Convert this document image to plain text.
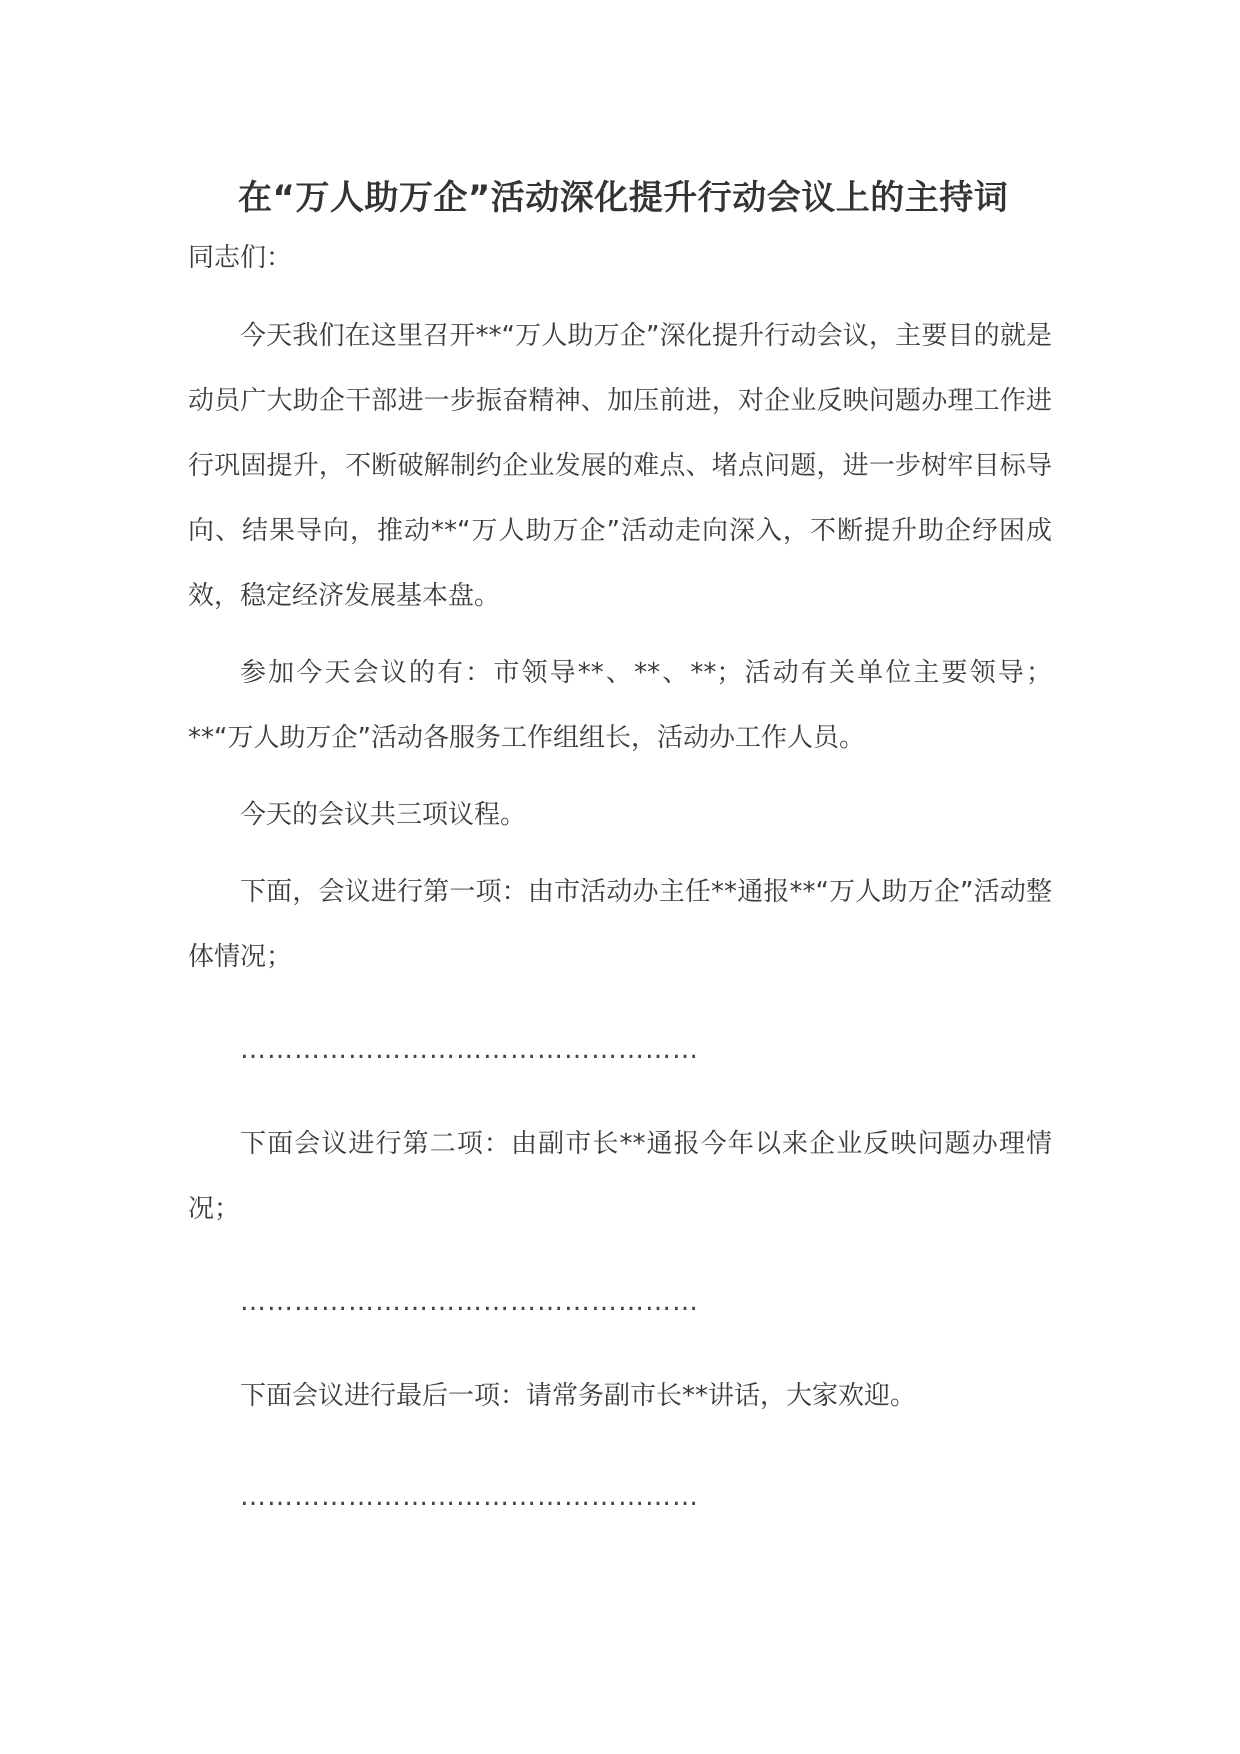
在“万人助万企”活动深化提升行动会议上的主持词

同志们：

今天我们在这里召开**“万人助万企”深化提升行动会议，主要目的就是动员广大助企干部进一步振奋精神、加压前进，对企业反映问题办理工作进行巩固提升，不断破解制约企业发展的难点、堵点问题，进一步树牢目标导向、结果导向，推动**“万人助万企”活动走向深入，不断提升助企纾困成效，稳定经济发展基本盘。

参加今天会议的有：市领导**、**、**；活动有关单位主要领导；**“万人助万企”活动各服务工作组组长，活动办工作人员。

今天的会议共三项议程。

下面，会议进行第一项：由市活动办主任**通报**“万人助万企”活动整体情况；

……………………………………………

下面会议进行第二项：由副市长**通报今年以来企业反映问题办理情况；

……………………………………………

下面会议进行最后一项：请常务副市长**讲话，大家欢迎。

……………………………………………
